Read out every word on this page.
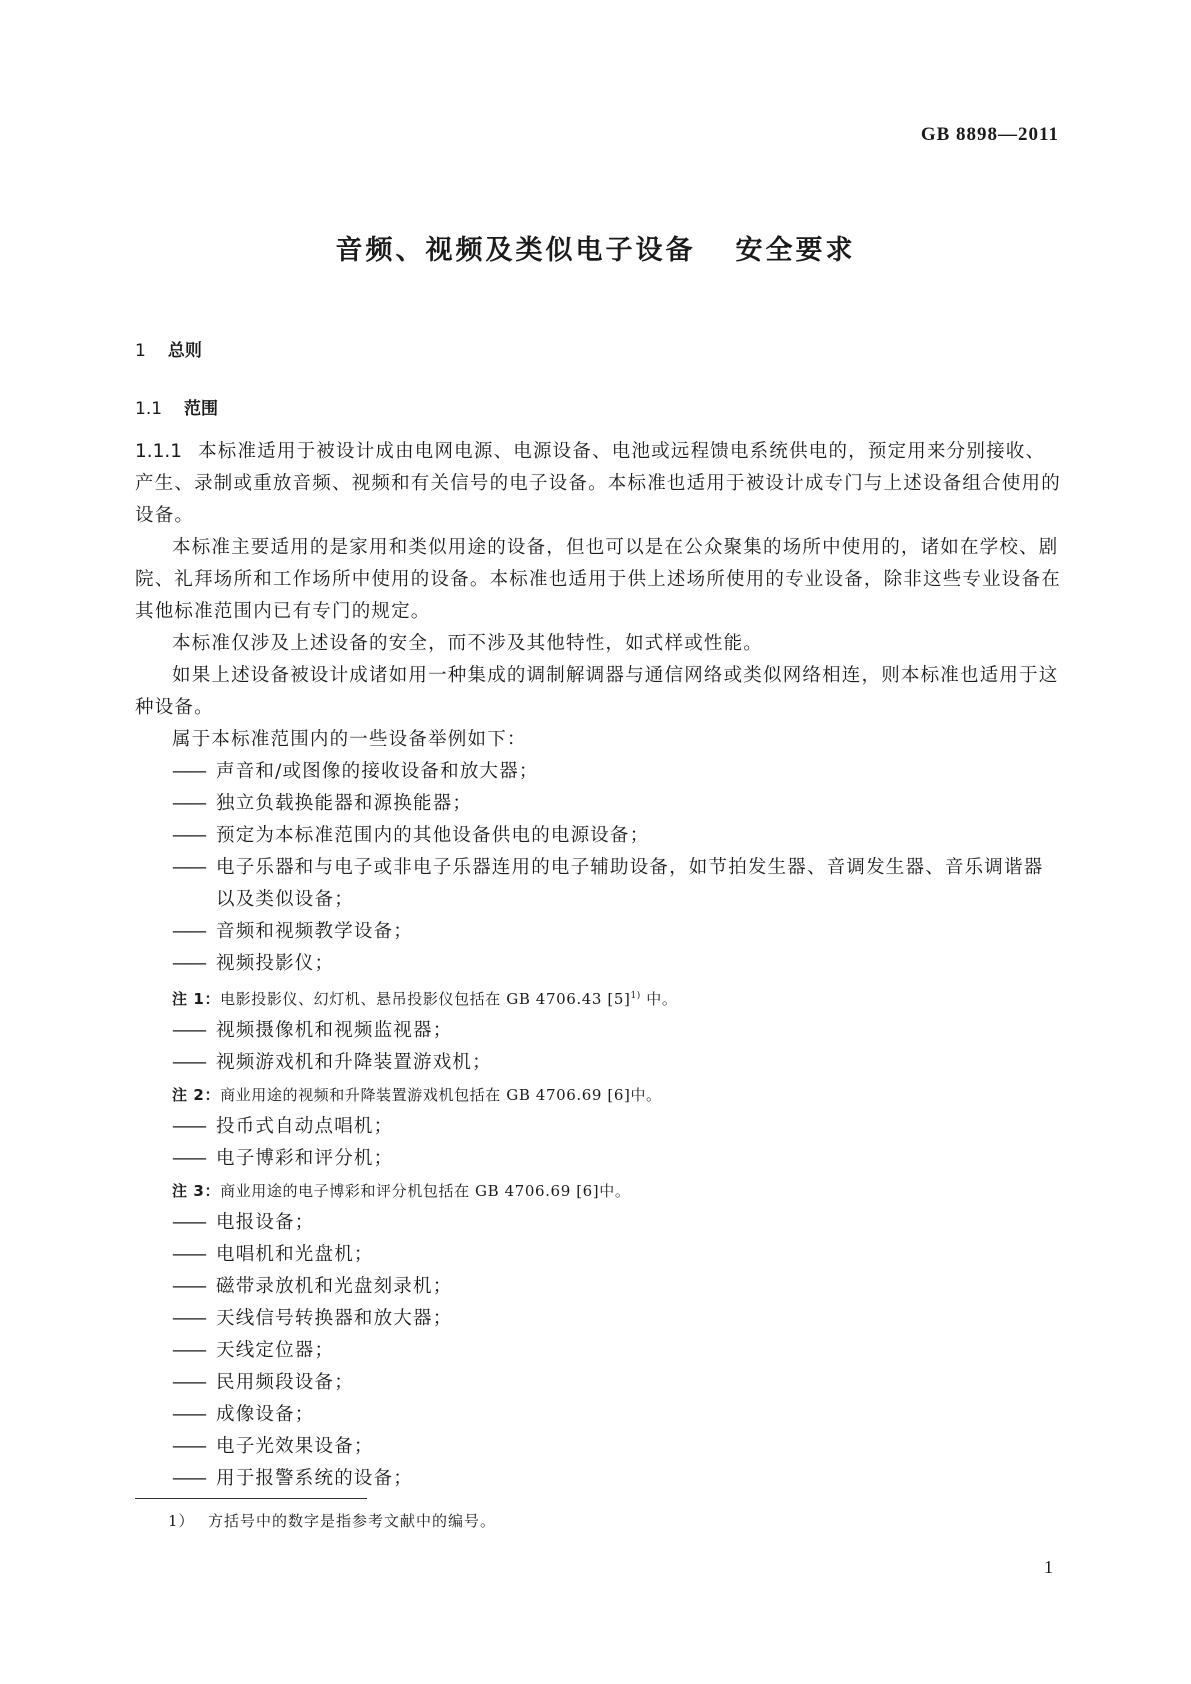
GB 8898—2011
音频、视频及类似电子设备 安全要求
1 总则
1.1 范围

1.1.1 本标准适用于被设计成由电网电源、电源设备、电池或远程馈电系统供电的，预定用来分别接收、产生、录制或重放音频、视频和有关信号的电子设备。本标准也适用于被设计成专门与上述设备组合使用的设备。

本标准主要适用的是家用和类似用途的设备，但也可以是在公众聚集的场所中使用的，诸如在学校、剧院、礼拜场所和工作场所中使用的设备。本标准也适用于供上述场所使用的专业设备，除非这些专业设备在其他标准范围内已有专门的规定。

本标准仅涉及上述设备的安全，而不涉及其他特性，如式样或性能。

如果上述设备被设计成诸如用一种集成的调制解调器与通信网络或类似网络相连，则本标准也适用于这种设备。

属于本标准范围内的一些设备举例如下：

—— 声音和/或图像的接收设备和放大器；
—— 独立负载换能器和源换能器；
—— 预定为本标准范围内的其他设备供电的电源设备；
—— 电子乐器和与电子或非电子乐器连用的电子辅助设备，如节拍发生器、音调发生器、音乐调谐器以及类似设备；
—— 音频和视频教学设备；
—— 视频投影仪；

注 1：电影投影仪、幻灯机、悬吊投影仪包括在 GB 4706.43 $[5]^{1)}$ 中。

—— 视频摄像机和视频监视器；
—— 视频游戏机和升降装置游戏机；

注 2：商业用途的视频和升降装置游戏机包括在 GB 4706.69 [6]中。

—— 投币式自动点唱机；
—— 电子博彩和评分机；

注 3：商业用途的电子博彩和评分机包括在 GB 4706.69 [6]中。

—— 电报设备；
—— 电唱机和光盘机；
—— 磁带录放机和光盘刻录机；
—— 天线信号转换器和放大器；
—— 天线定位器；
—— 民用频段设备；
—— 成像设备；
—— 电子光效果设备；
—— 用于报警系统的设备；
1） 方括号中的数字是指参考文献中的编号。
1
